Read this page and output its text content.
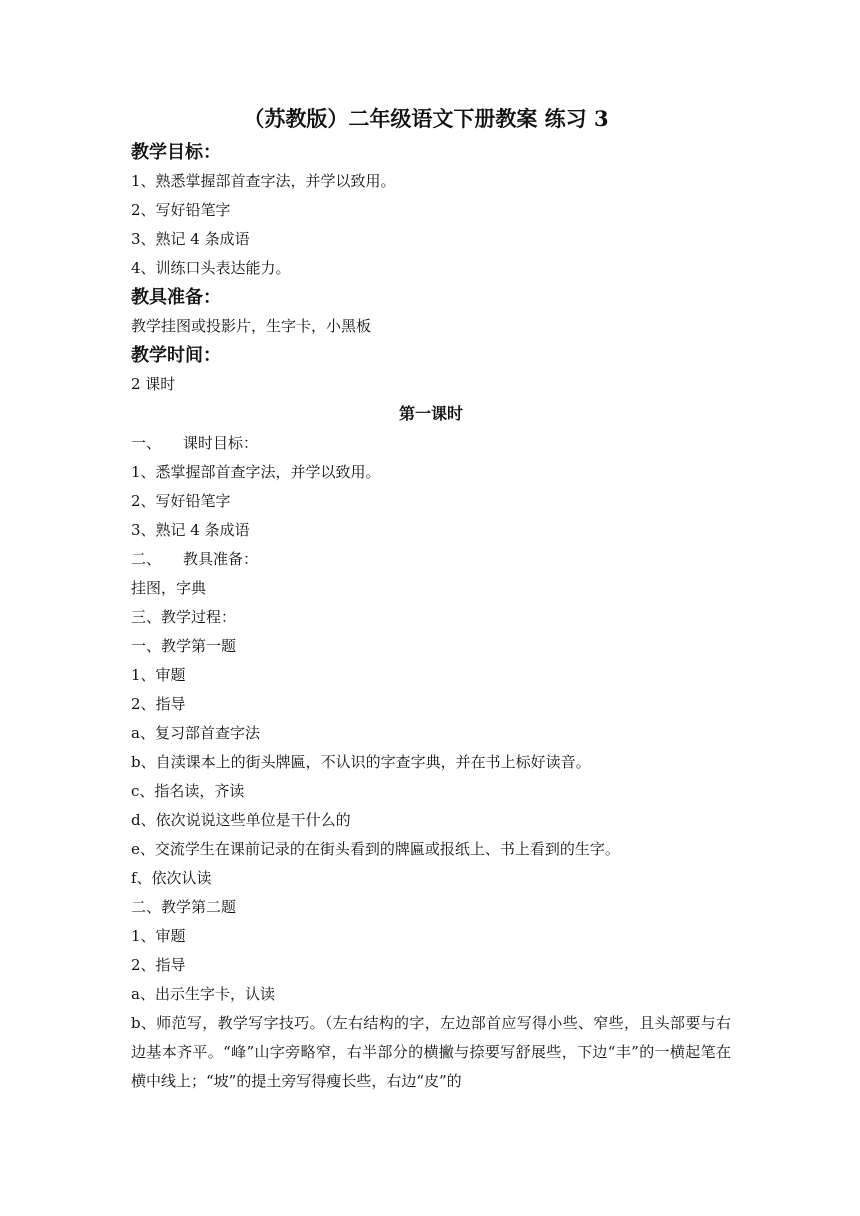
（苏教版）二年级语文下册教案 练习 3
教学目标：
1、熟悉掌握部首查字法，并学以致用。
2、写好铅笔字
3、熟记 4 条成语
4、训练口头表达能力。
教具准备：
教学挂图或投影片，生字卡，小黑板
教学时间：
2 课时
第一课时
一、 课时目标：
1、悉掌握部首查字法，并学以致用。
2、写好铅笔字
3、熟记 4 条成语
二、 教具准备：
挂图，字典
三、教学过程：
一、教学第一题
1、审题
2、指导
a、复习部首查字法
b、自渎课本上的街头牌匾，不认识的字查字典，并在书上标好读音。
c、指名读，齐读
d、依次说说这些单位是干什么的
e、交流学生在课前记录的在街头看到的牌匾或报纸上、书上看到的生字。
f、依次认读
二、教学第二题
1、审题
2、指导
a、出示生字卡，认读
b、师范写，教学写字技巧。（左右结构的字，左边部首应写得小些、窄些，且头部要与右边基本齐平。“峰”山字旁略窄，右半部分的横撇与捺要写舒展些，下边“丰”的一横起笔在横中线上；“坡”的提土旁写得瘦长些，右边“皮”的
